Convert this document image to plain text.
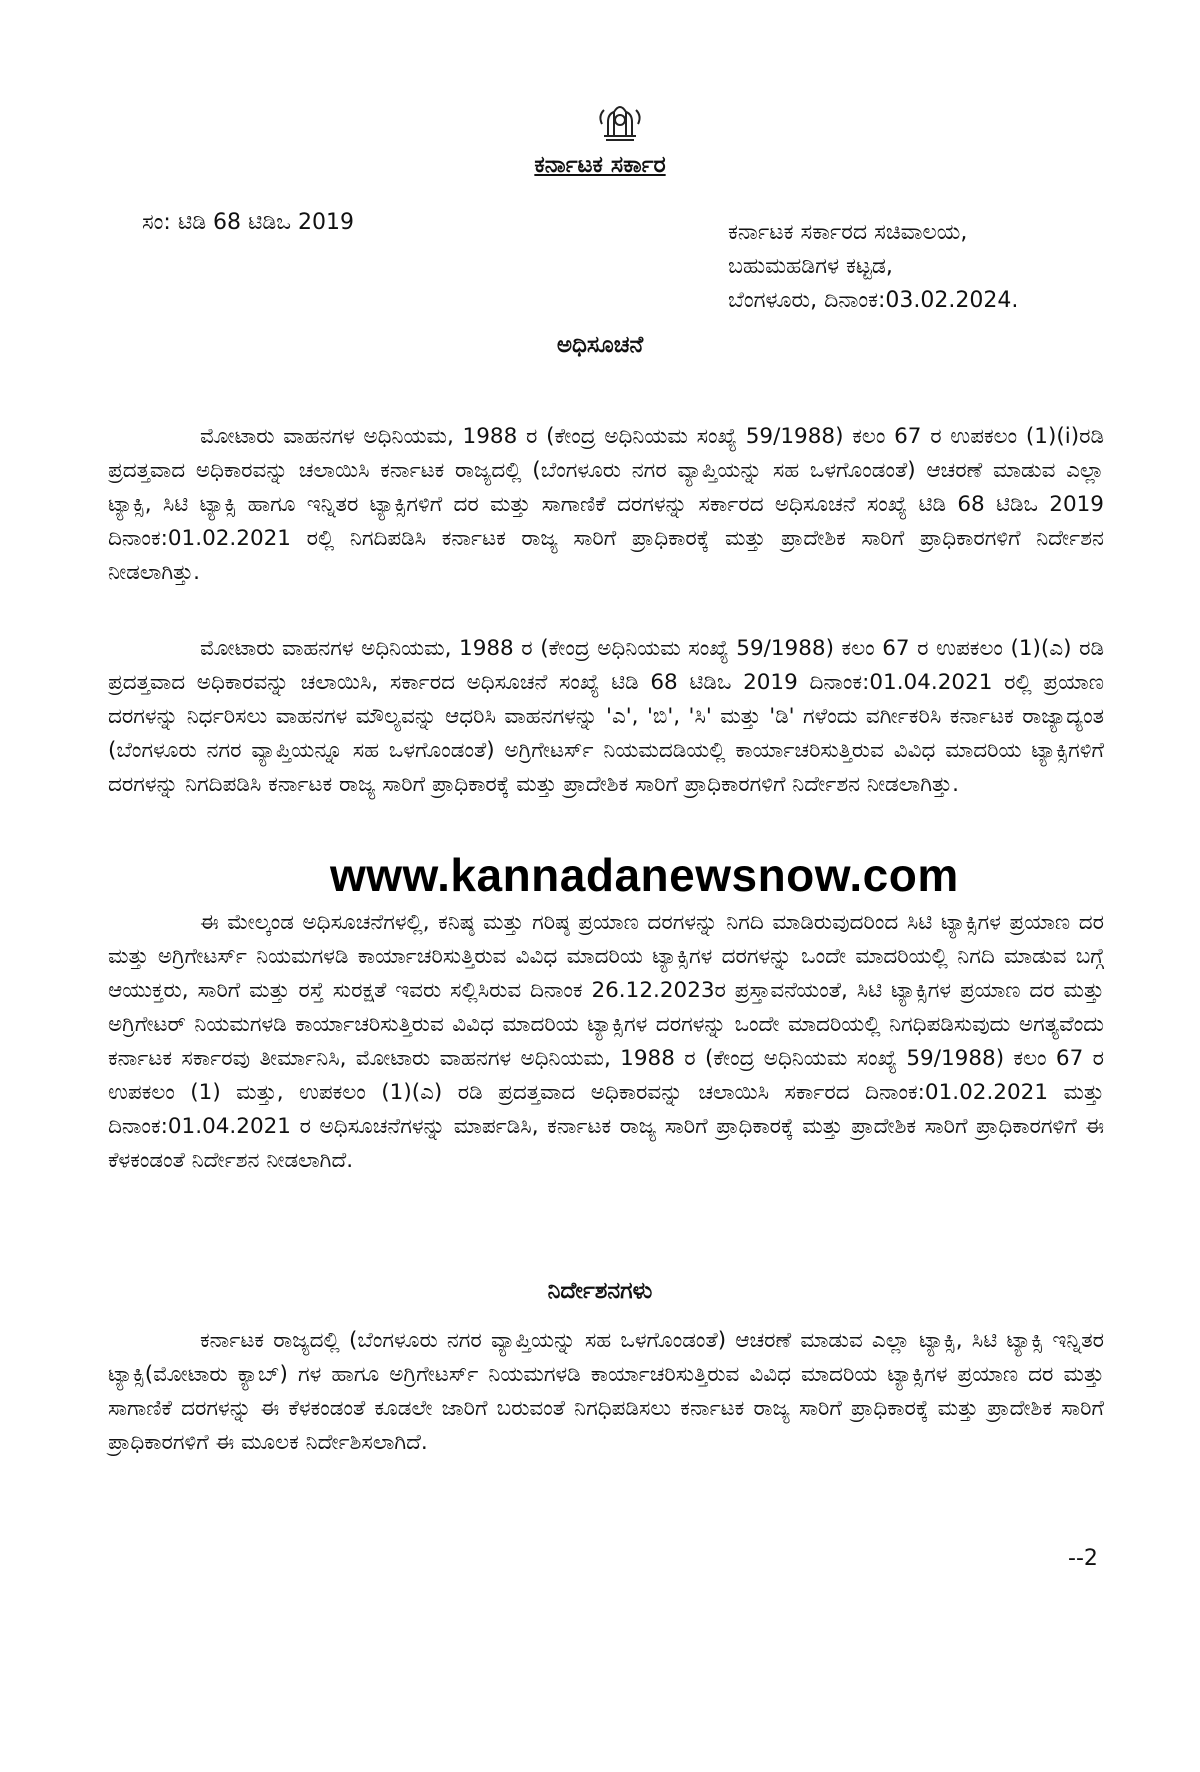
ಕರ್ನಾಟಕ ಸರ್ಕಾರ
ಸಂ: ಟಿಡಿ 68 ಟಿಡಿಒ 2019	ಕರ್ನಾಟಕ ಸರ್ಕಾರದ ಸಚಿವಾಲಯ,
ಬಹುಮಹಡಿಗಳ ಕಟ್ಟಡ,
ಬೆಂಗಳೂರು, ದಿನಾಂಕ:03.02.2024.
ಅಧಿಸೂಚನೆ
ಮೋಟಾರು ವಾಹನಗಳ ಅಧಿನಿಯಮ, 1988 ರ (ಕೇಂದ್ರ ಅಧಿನಿಯಮ ಸಂಖ್ಯೆ 59/1988) ಕಲಂ 67 ರ ಉಪಕಲಂ (1)(i)ರಡಿ ಪ್ರದತ್ತವಾದ ಅಧಿಕಾರವನ್ನು ಚಲಾಯಿಸಿ ಕರ್ನಾಟಕ ರಾಜ್ಯದಲ್ಲಿ (ಬೆಂಗಳೂರು ನಗರ ವ್ಯಾಪ್ತಿಯನ್ನು ಸಹ ಒಳಗೊಂಡಂತೆ) ಆಚರಣೆ ಮಾಡುವ ಎಲ್ಲಾ ಟ್ಯಾಕ್ಸಿ, ಸಿಟಿ ಟ್ಯಾಕ್ಸಿ ಹಾಗೂ ಇನ್ನಿತರ ಟ್ಯಾಕ್ಸಿಗಳಿಗೆ ದರ ಮತ್ತು ಸಾಗಾಣಿಕೆ ದರಗಳನ್ನು ಸರ್ಕಾರದ ಅಧಿಸೂಚನೆ ಸಂಖ್ಯೆ ಟಿಡಿ 68 ಟಿಡಿಒ 2019 ದಿನಾಂಕ:01.02.2021 ರಲ್ಲಿ ನಿಗದಿಪಡಿಸಿ ಕರ್ನಾಟಕ ರಾಜ್ಯ ಸಾರಿಗೆ ಪ್ರಾಧಿಕಾರಕ್ಕೆ ಮತ್ತು ಪ್ರಾದೇಶಿಕ ಸಾರಿಗೆ ಪ್ರಾಧಿಕಾರಗಳಿಗೆ ನಿರ್ದೇಶನ ನೀಡಲಾಗಿತ್ತು.
ಮೋಟಾರು ವಾಹನಗಳ ಅಧಿನಿಯಮ, 1988 ರ (ಕೇಂದ್ರ ಅಧಿನಿಯಮ ಸಂಖ್ಯೆ 59/1988) ಕಲಂ 67 ರ ಉಪಕಲಂ (1)(ಎ) ರಡಿ ಪ್ರದತ್ತವಾದ ಅಧಿಕಾರವನ್ನು ಚಲಾಯಿಸಿ, ಸರ್ಕಾರದ ಅಧಿಸೂಚನೆ ಸಂಖ್ಯೆ ಟಿಡಿ 68 ಟಿಡಿಒ 2019 ದಿನಾಂಕ:01.04.2021 ರಲ್ಲಿ ಪ್ರಯಾಣ ದರಗಳನ್ನು ನಿರ್ಧರಿಸಲು ವಾಹನಗಳ ಮೌಲ್ಯವನ್ನು ಆಧರಿಸಿ ವಾಹನಗಳನ್ನು 'ಎ', 'ಬಿ', 'ಸಿ' ಮತ್ತು 'ಡಿ' ಗಳೆಂದು ವರ್ಗೀಕರಿಸಿ ಕರ್ನಾಟಕ ರಾಜ್ಯಾದ್ಯಂತ (ಬೆಂಗಳೂರು ನಗರ ವ್ಯಾಪ್ತಿಯನ್ನೂ ಸಹ ಒಳಗೊಂಡಂತೆ) ಅಗ್ರಿಗೇಟರ್ಸ್ ನಿಯಮದಡಿಯಲ್ಲಿ ಕಾರ್ಯಾಚರಿಸುತ್ತಿರುವ ವಿವಿಧ ಮಾದರಿಯ ಟ್ಯಾಕ್ಸಿಗಳಿಗೆ ದರಗಳನ್ನು ನಿಗದಿಪಡಿಸಿ ಕರ್ನಾಟಕ ರಾಜ್ಯ ಸಾರಿಗೆ ಪ್ರಾಧಿಕಾರಕ್ಕೆ ಮತ್ತು ಪ್ರಾದೇಶಿಕ ಸಾರಿಗೆ ಪ್ರಾಧಿಕಾರಗಳಿಗೆ ನಿರ್ದೇಶನ ನೀಡಲಾಗಿತ್ತು.
www.kannadanewsnow.com
ಈ ಮೇಲ್ಕಂಡ ಅಧಿಸೂಚನೆಗಳಲ್ಲಿ, ಕನಿಷ್ಠ ಮತ್ತು ಗರಿಷ್ಠ ಪ್ರಯಾಣ ದರಗಳನ್ನು ನಿಗದಿ ಮಾಡಿರುವುದರಿಂದ ಸಿಟಿ ಟ್ಯಾಕ್ಸಿಗಳ ಪ್ರಯಾಣ ದರ ಮತ್ತು ಅಗ್ರಿಗೇಟರ್ಸ್ ನಿಯಮಗಳಡಿ ಕಾರ್ಯಾಚರಿಸುತ್ತಿರುವ ವಿವಿಧ ಮಾದರಿಯ ಟ್ಯಾಕ್ಸಿಗಳ ದರಗಳನ್ನು ಒಂದೇ ಮಾದರಿಯಲ್ಲಿ ನಿಗದಿ ಮಾಡುವ ಬಗ್ಗೆ ಆಯುಕ್ತರು, ಸಾರಿಗೆ ಮತ್ತು ರಸ್ತೆ ಸುರಕ್ಷತೆ ಇವರು ಸಲ್ಲಿಸಿರುವ ದಿನಾಂಕ 26.12.2023ರ ಪ್ರಸ್ತಾವನೆಯಂತೆ, ಸಿಟಿ ಟ್ಯಾಕ್ಸಿಗಳ ಪ್ರಯಾಣ ದರ ಮತ್ತು ಅಗ್ರಿಗೇಟರ್ ನಿಯಮಗಳಡಿ ಕಾರ್ಯಾಚರಿಸುತ್ತಿರುವ ವಿವಿಧ ಮಾದರಿಯ ಟ್ಯಾಕ್ಸಿಗಳ ದರಗಳನ್ನು ಒಂದೇ ಮಾದರಿಯಲ್ಲಿ ನಿಗಧಿಪಡಿಸುವುದು ಅಗತ್ಯವೆಂದು ಕರ್ನಾಟಕ ಸರ್ಕಾರವು ತೀರ್ಮಾನಿಸಿ, ಮೋಟಾರು ವಾಹನಗಳ ಅಧಿನಿಯಮ, 1988 ರ (ಕೇಂದ್ರ ಅಧಿನಿಯಮ ಸಂಖ್ಯೆ 59/1988) ಕಲಂ 67 ರ ಉಪಕಲಂ (1) ಮತ್ತು, ಉಪಕಲಂ (1)(ಎ) ರಡಿ ಪ್ರದತ್ತವಾದ ಅಧಿಕಾರವನ್ನು ಚಲಾಯಿಸಿ ಸರ್ಕಾರದ ದಿನಾಂಕ:01.02.2021 ಮತ್ತು ದಿನಾಂಕ:01.04.2021 ರ ಅಧಿಸೂಚನೆಗಳನ್ನು ಮಾರ್ಪಡಿಸಿ, ಕರ್ನಾಟಕ ರಾಜ್ಯ ಸಾರಿಗೆ ಪ್ರಾಧಿಕಾರಕ್ಕೆ ಮತ್ತು ಪ್ರಾದೇಶಿಕ ಸಾರಿಗೆ ಪ್ರಾಧಿಕಾರಗಳಿಗೆ ಈ ಕೆಳಕಂಡಂತೆ ನಿರ್ದೇಶನ ನೀಡಲಾಗಿದೆ.
ನಿರ್ದೇಶನಗಳು
ಕರ್ನಾಟಕ ರಾಜ್ಯದಲ್ಲಿ (ಬೆಂಗಳೂರು ನಗರ ವ್ಯಾಪ್ತಿಯನ್ನು ಸಹ ಒಳಗೊಂಡಂತೆ) ಆಚರಣೆ ಮಾಡುವ ಎಲ್ಲಾ ಟ್ಯಾಕ್ಸಿ, ಸಿಟಿ ಟ್ಯಾಕ್ಸಿ ಇನ್ನಿತರ ಟ್ಯಾಕ್ಸಿ(ಮೋಟಾರು ಕ್ಯಾಬ್) ಗಳ ಹಾಗೂ ಅಗ್ರಿಗೇಟರ್ಸ್ ನಿಯಮಗಳಡಿ ಕಾರ್ಯಾಚರಿಸುತ್ತಿರುವ ವಿವಿಧ ಮಾದರಿಯ ಟ್ಯಾಕ್ಸಿಗಳ ಪ್ರಯಾಣ ದರ ಮತ್ತು ಸಾಗಾಣಿಕೆ ದರಗಳನ್ನು ಈ ಕೆಳಕಂಡಂತೆ ಕೂಡಲೇ ಜಾರಿಗೆ ಬರುವಂತೆ ನಿಗಧಿಪಡಿಸಲು ಕರ್ನಾಟಕ ರಾಜ್ಯ ಸಾರಿಗೆ ಪ್ರಾಧಿಕಾರಕ್ಕೆ ಮತ್ತು ಪ್ರಾದೇಶಿಕ ಸಾರಿಗೆ ಪ್ರಾಧಿಕಾರಗಳಿಗೆ ಈ ಮೂಲಕ ನಿರ್ದೇಶಿಸಲಾಗಿದೆ.
--2
